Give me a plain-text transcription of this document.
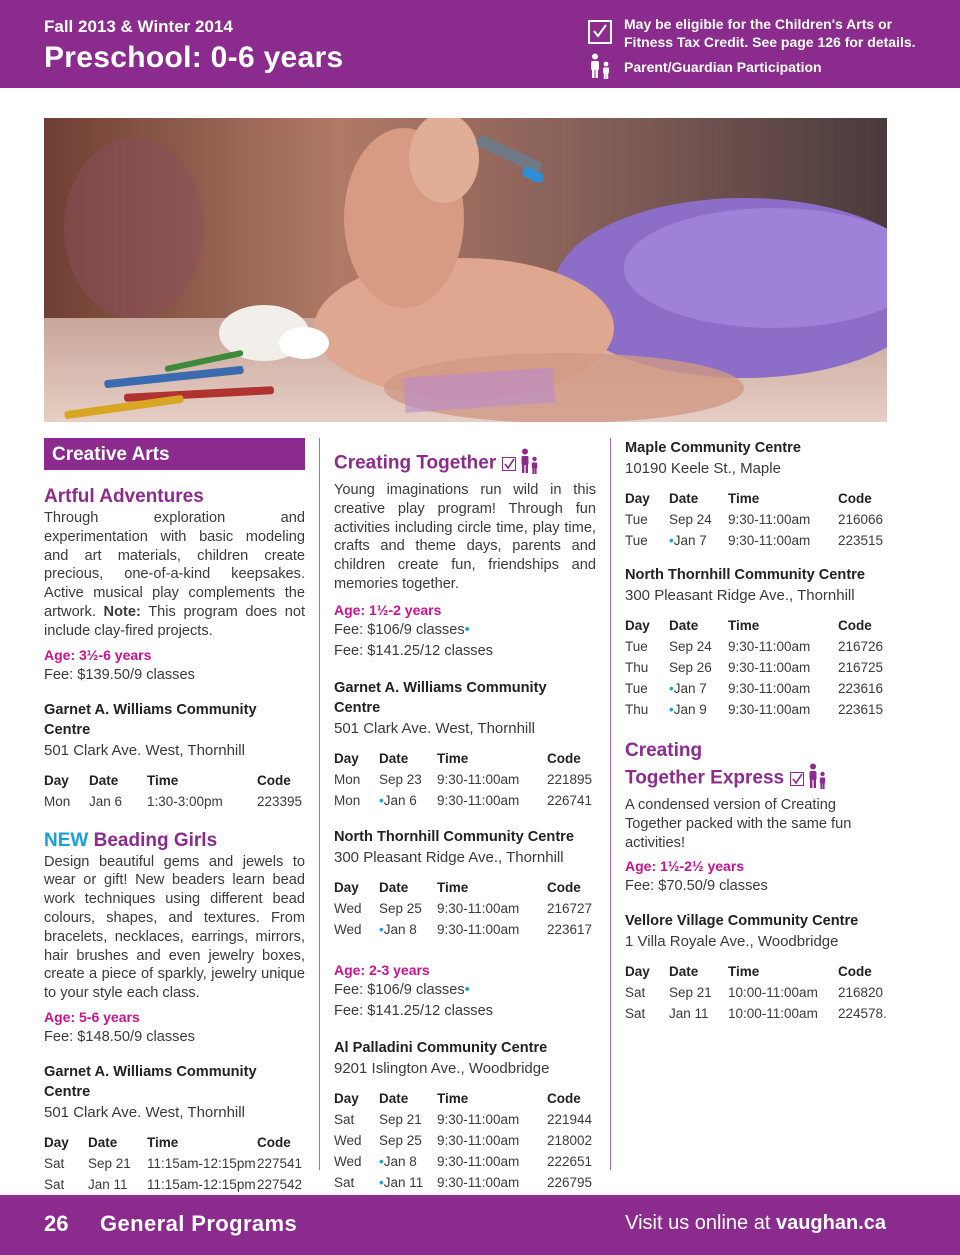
Fall 2013 & Winter 2014
Preschool: 0-6 years
May be eligible for the Children's Arts or
Fitness Tax Credit. See page 126 for details.
Parent/Guardian Participation
Creative Arts
Artful Adventures

Through exploration and experimentation with basic modeling and art materials, children create precious, one-of-a-kind keepsakes. Active musical play complements the artwork. Note: This program does not include clay-fired projects.

Age: 3½-6 years
Fee: $139.50/9 classes
Garnet A. Williams Community Centre
501 Clark Ave. West, Thornhill
Day	Date	Time	Code
Mon	Jan 6	1:30-3:00pm	223395
NEW Beading Girls

Design beautiful gems and jewels to wear or gift! New beaders learn bead work techniques using different bead colours, shapes, and textures. From bracelets, necklaces, earrings, mirrors, hair brushes and even jewelry boxes, create a piece of sparkly, jewelry unique to your style each class.

Age: 5-6 years
Fee: $148.50/9 classes
Garnet A. Williams Community Centre
501 Clark Ave. West, Thornhill
Day	Date	Time	Code
Sat	Sep 21	11:15am-12:15pm	227541
Sat	Jan 11	11:15am-12:15pm	227542
Creating Together

Young imaginations run wild in this creative play program! Through fun activities including circle time, play time, crafts and theme days, parents and children create fun, friendships and memories together.

Age: 1½-2 years
Fee: $106/9 classes•
Fee: $141.25/12 classes
Garnet A. Williams Community Centre
501 Clark Ave. West, Thornhill
Day	Date	Time	Code
Mon	Sep 23	9:30-11:00am	221895
Mon	•Jan 6	9:30-11:00am	226741
North Thornhill Community Centre
300 Pleasant Ridge Ave., Thornhill
Day	Date	Time	Code
Wed	Sep 25	9:30-11:00am	216727
Wed	•Jan 8	9:30-11:00am	223617
Age: 2-3 years
Fee: $106/9 classes•
Fee: $141.25/12 classes
Al Palladini Community Centre
9201 Islington Ave., Woodbridge
Day	Date	Time	Code
Sat	Sep 21	9:30-11:00am	221944
Wed	Sep 25	9:30-11:00am	218002
Wed	•Jan 8	9:30-11:00am	222651
Sat	•Jan 11	9:30-11:00am	226795
Maple Community Centre
10190 Keele St., Maple
Day	Date	Time	Code
Tue	Sep 24	9:30-11:00am	216066
Tue	•Jan 7	9:30-11:00am	223515
North Thornhill Community Centre
300 Pleasant Ridge Ave., Thornhill
Day	Date	Time	Code
Tue	Sep 24	9:30-11:00am	216726
Thu	Sep 26	9:30-11:00am	216725
Tue	•Jan 7	9:30-11:00am	223616
Thu	•Jan 9	9:30-11:00am	223615
Creating
Together Express

A condensed version of Creating Together packed with the same fun activities!

Age: 1½-2½ years
Fee: $70.50/9 classes
Vellore Village Community Centre
1 Villa Royale Ave., Woodbridge
Day	Date	Time	Code
Sat	Sep 21	10:00-11:00am	216820
Sat	Jan 11	10:00-11:00am	224578.
26 General Programs	Visit us online at vaughan.ca
